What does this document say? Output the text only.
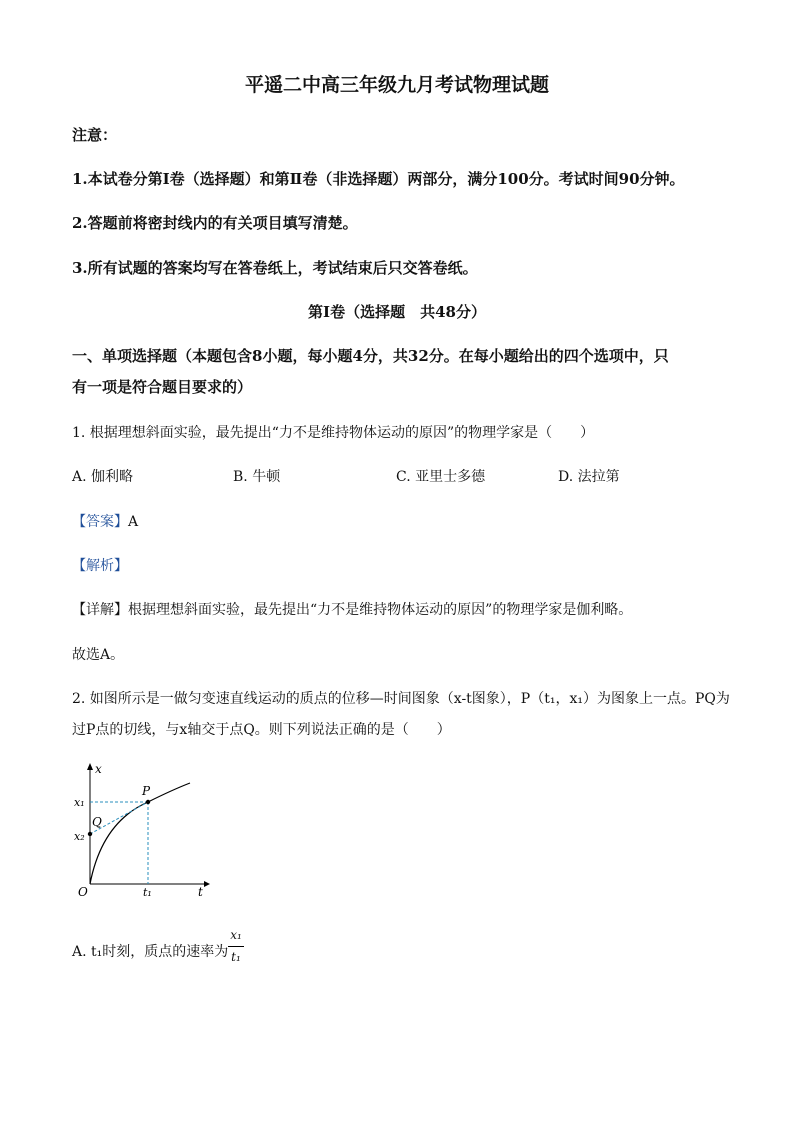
平遥二中高三年级九月考试物理试题
注意：
1.本试卷分第Ⅰ卷（选择题）和第Ⅱ卷（非选择题）两部分，满分100分。考试时间90分钟。
2.答题前将密封线内的有关项目填写清楚。
3.所有试题的答案均写在答卷纸上，考试结束后只交答卷纸。
第Ⅰ卷（选择题　共48分）
一、单项选择题（本题包含8小题，每小题4分，共32分。在每小题给出的四个选项中，只
有一项是符合题目要求的）
1. 根据理想斜面实验，最先提出“力不是维持物体运动的原因”的物理学家是（　　）
A. 伽利略	B. 牛顿	C. 亚里士多德	D. 法拉第
【答案】A
【解析】
【详解】根据理想斜面实验，最先提出“力不是维持物体运动的原因”的物理学家是伽利略。
故选A。
2. 如图所示是一做匀变速直线运动的质点的位移—时间图象（x-t图象），P（t₁，x₁）为图象上一点。PQ为
过P点的切线，与x轴交于点Q。则下列说法正确的是（　　）
x
t
O
x₁
x₂
t₁
P
Q
A. t₁时刻，质点的速率为
x₁
t₁
